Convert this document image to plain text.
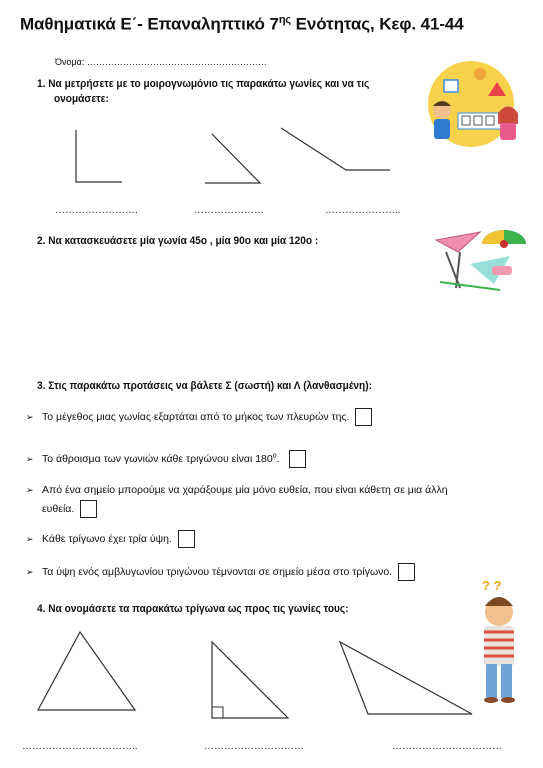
Μαθηματικά Ε΄- Επαναληπτικό $7^{\eta\varsigma}$ Ενότητας, Κεφ. 41-44
Όνομα: ……………………………………………………
1. Να μετρήσετε με το μοιρογνωμόνιο τις παρακάτω γωνίες και να τις
ονομάσετε:
? ?
…………………….	…………………	…………………..
2. Να κατασκευάσετε μία γωνία 45ο , μία 90ο και μία 120ο :
3. Στις παρακάτω προτάσεις να βάλετε Σ (σωστή) και Λ (λανθασμένη):
➢ Το μέγεθος μιας γωνίας εξαρτάται από το μήκος των πλευρών της.
➢ Το άθροισμα των γωνιών κάθε τριγώνου είναι $180^o$.
➢ Από ένα σημείο μπορούμε να χαράξουμε μία μόνο ευθεία, που είναι κάθετη σε μια άλλη
ευθεία.
➢ Κάθε τρίγωνο έχει τρία ύψη.
➢ Τα ύψη ενός αμβλυγωνίου τριγώνου τέμνονται σε σημείο μέσα στο τρίγωνο.
4. Να ονομάσετε τα παρακάτω τρίγωνα ως προς τις γωνίες τους:
……………………………..	…………………………	……………………………
